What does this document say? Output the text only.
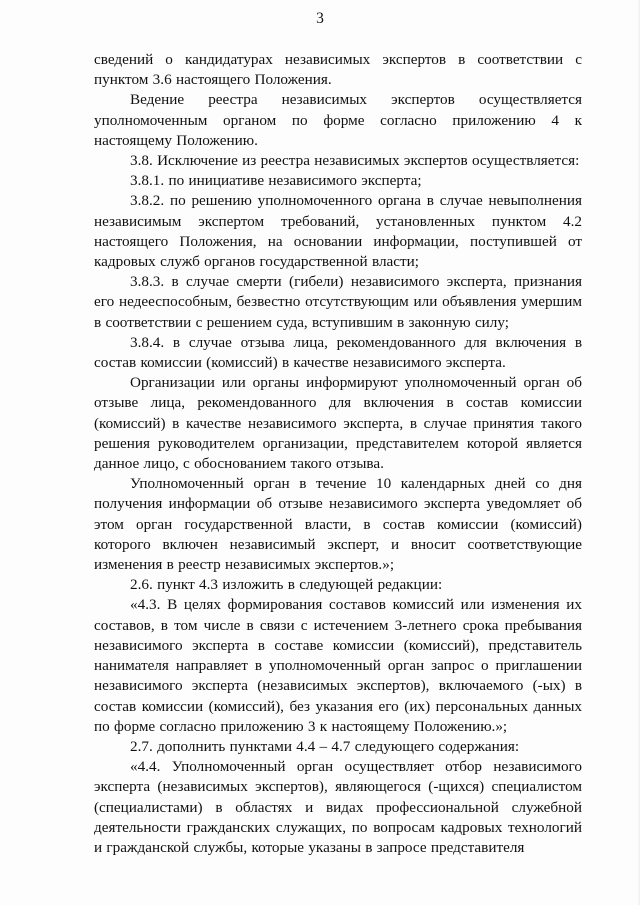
3

сведений о кандидатурах независимых экспертов в соответствии с пунктом 3.6 настоящего Положения.

Ведение реестра независимых экспертов осуществляется уполномоченным органом по форме согласно приложению 4 к настоящему Положению.

3.8. Исключение из реестра независимых экспертов осуществляется:

3.8.1. по инициативе независимого эксперта;

3.8.2. по решению уполномоченного органа в случае невыполнения независимым экспертом требований, установленных пунктом 4.2 настоящего Положения, на основании информации, поступившей от кадровых служб органов государственной власти;

3.8.3. в случае смерти (гибели) независимого эксперта, признания его недееспособным, безвестно отсутствующим или объявления умершим в соответствии с решением суда, вступившим в законную силу;

3.8.4. в случае отзыва лица, рекомендованного для включения в состав комиссии (комиссий) в качестве независимого эксперта.

Организации или органы информируют уполномоченный орган об отзыве лица, рекомендованного для включения в состав комиссии (комиссий) в качестве независимого эксперта, в случае принятия такого решения руководителем организации, представителем которой является данное лицо, с обоснованием такого отзыва.

Уполномоченный орган в течение 10 календарных дней со дня получения информации об отзыве независимого эксперта уведомляет об этом орган государственной власти, в состав комиссии (комиссий) которого включен независимый эксперт, и вносит соответствующие изменения в реестр независимых экспертов.»;

2.6. пункт 4.3 изложить в следующей редакции:

«4.3. В целях формирования составов комиссий или изменения их составов, в том числе в связи с истечением 3-летнего срока пребывания независимого эксперта в составе комиссии (комиссий), представитель нанимателя направляет в уполномоченный орган запрос о приглашении независимого эксперта (независимых экспертов), включаемого (-ых) в состав комиссии (комиссий), без указания его (их) персональных данных по форме согласно приложению 3 к настоящему Положению.»;

2.7. дополнить пунктами 4.4 – 4.7 следующего содержания:

«4.4. Уполномоченный орган осуществляет отбор независимого эксперта (независимых экспертов), являющегося (-щихся) специалистом (специалистами) в областях и видах профессиональной служебной деятельности гражданских служащих, по вопросам кадровых технологий и гражданской службы, которые указаны в запросе представителя
